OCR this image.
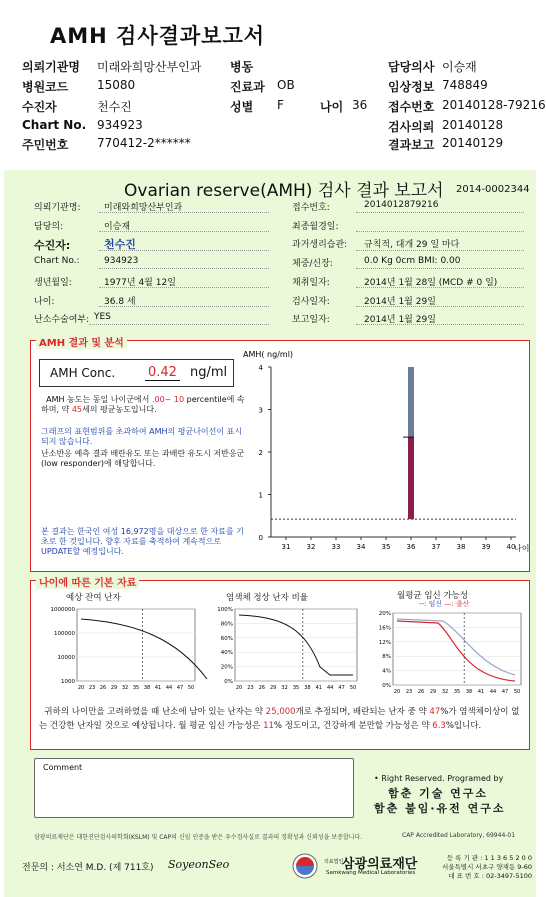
AMH 검사결과보고서
의뢰기관명 미래와희망산부인과 병동	담당의사 이승재
병원코드 15080	진료과 OB	임상정보 748849
수진자	천수진	성별 F	나이 36 접수번호 20140128-79216
Chart No. 934923	검사의뢰 20140128
주민번호 770412-2******	결과보고 20140129
Ovarian reserve(AMH) 검사 결과 보고서 2014-0002344
의뢰기관명:	미래와희망산부인과
담당의:	이승재
수진자:	천수진
Chart No.:	934923
생년월일:	1977년 4월 12일
나이:	36.8 세
난소수술여부: YES
접수번호:	2014012879216
최종월경일:
과거생리습관: 규칙적, 대개 29 일 마다
체중/신장:	0.0 Kg 0cm BMI: 0.00
채취일자:	2014년 1월 28일 (MCD # 0 일)
검사일자:	2014년 1월 29일
보고일자:	2014년 1월 29일
AMH Conc.	0.42 ng/ml
AMH 농도는 동일 나이군에서 .00~ 10 percentile에 속하며, 약 45세의 평균농도입니다.
그래프의 표현범위를 초과하여 AMH의 평균나이선이 표시되지 않습니다.
난소반응 예측 결과 배란유도 또는 과배란 유도시 저반응군 (low responder)에 해당합니다.
본 결과는 한국인 여성 16,972명을 대상으로 한 자료를 기초로 한 것입니다. 향후 자료를 축적하여 계속적으로 UPDATE할 예정입니다.
AMH( ng/ml)
0
1
2
3
4
31 32 33 34 35 36 37 38 39 40
나이
AMH 결과 및 분석
예상 잔여 난자
1000000
100000
10000
1000
20 23 26 29 32 35 38 41 44 47 50
염색체 정상 난자 비율
100%
80%
60%
40%
20%
0%
20 23 26 29 32 35 38 41 44 47 50
월평균 임신 가능성
--: 임신 —: 출산
20%
16%
12%
8%
4%
0%
20 23 26 29 32 35 38 41 44 47 50
귀하의 나이만을 고려하였을 때 난소에 남아 있는 난자는 약 25,000개로 추정되며, 배란되는 난자 중 약 47%가 염색체이상이 없는 건강한 난자일 것으로 예상됩니다. 월 평균 임신 가능성은 11% 정도이고, 건강하게 분만할 가능성은 약 6.3%입니다.
나이에 따른 기본 자료
Comment
• Right Reserved. Programed by
함춘 기술 연구소
함춘 불임·유전 연구소
삼광의료재단은 대한진단검사의학회(KSLM) 및 CAP의 신임 인증을 받은 우수검사실로 결과의 정확성과 신뢰성을 보증합니다.	CAP Accredited Laboratory, 69944-01
전문의 : 서소연 M.D. (제 711호) SoyeonSeo	의료법인
삼광의료재단
Samkwang Medical Laboratories
등 록 기 관 : 1 1 3 6 5 2 0 0
서울특별시 서초구 양재동 9-60
대 표 번 호 : 02-3497-5100
